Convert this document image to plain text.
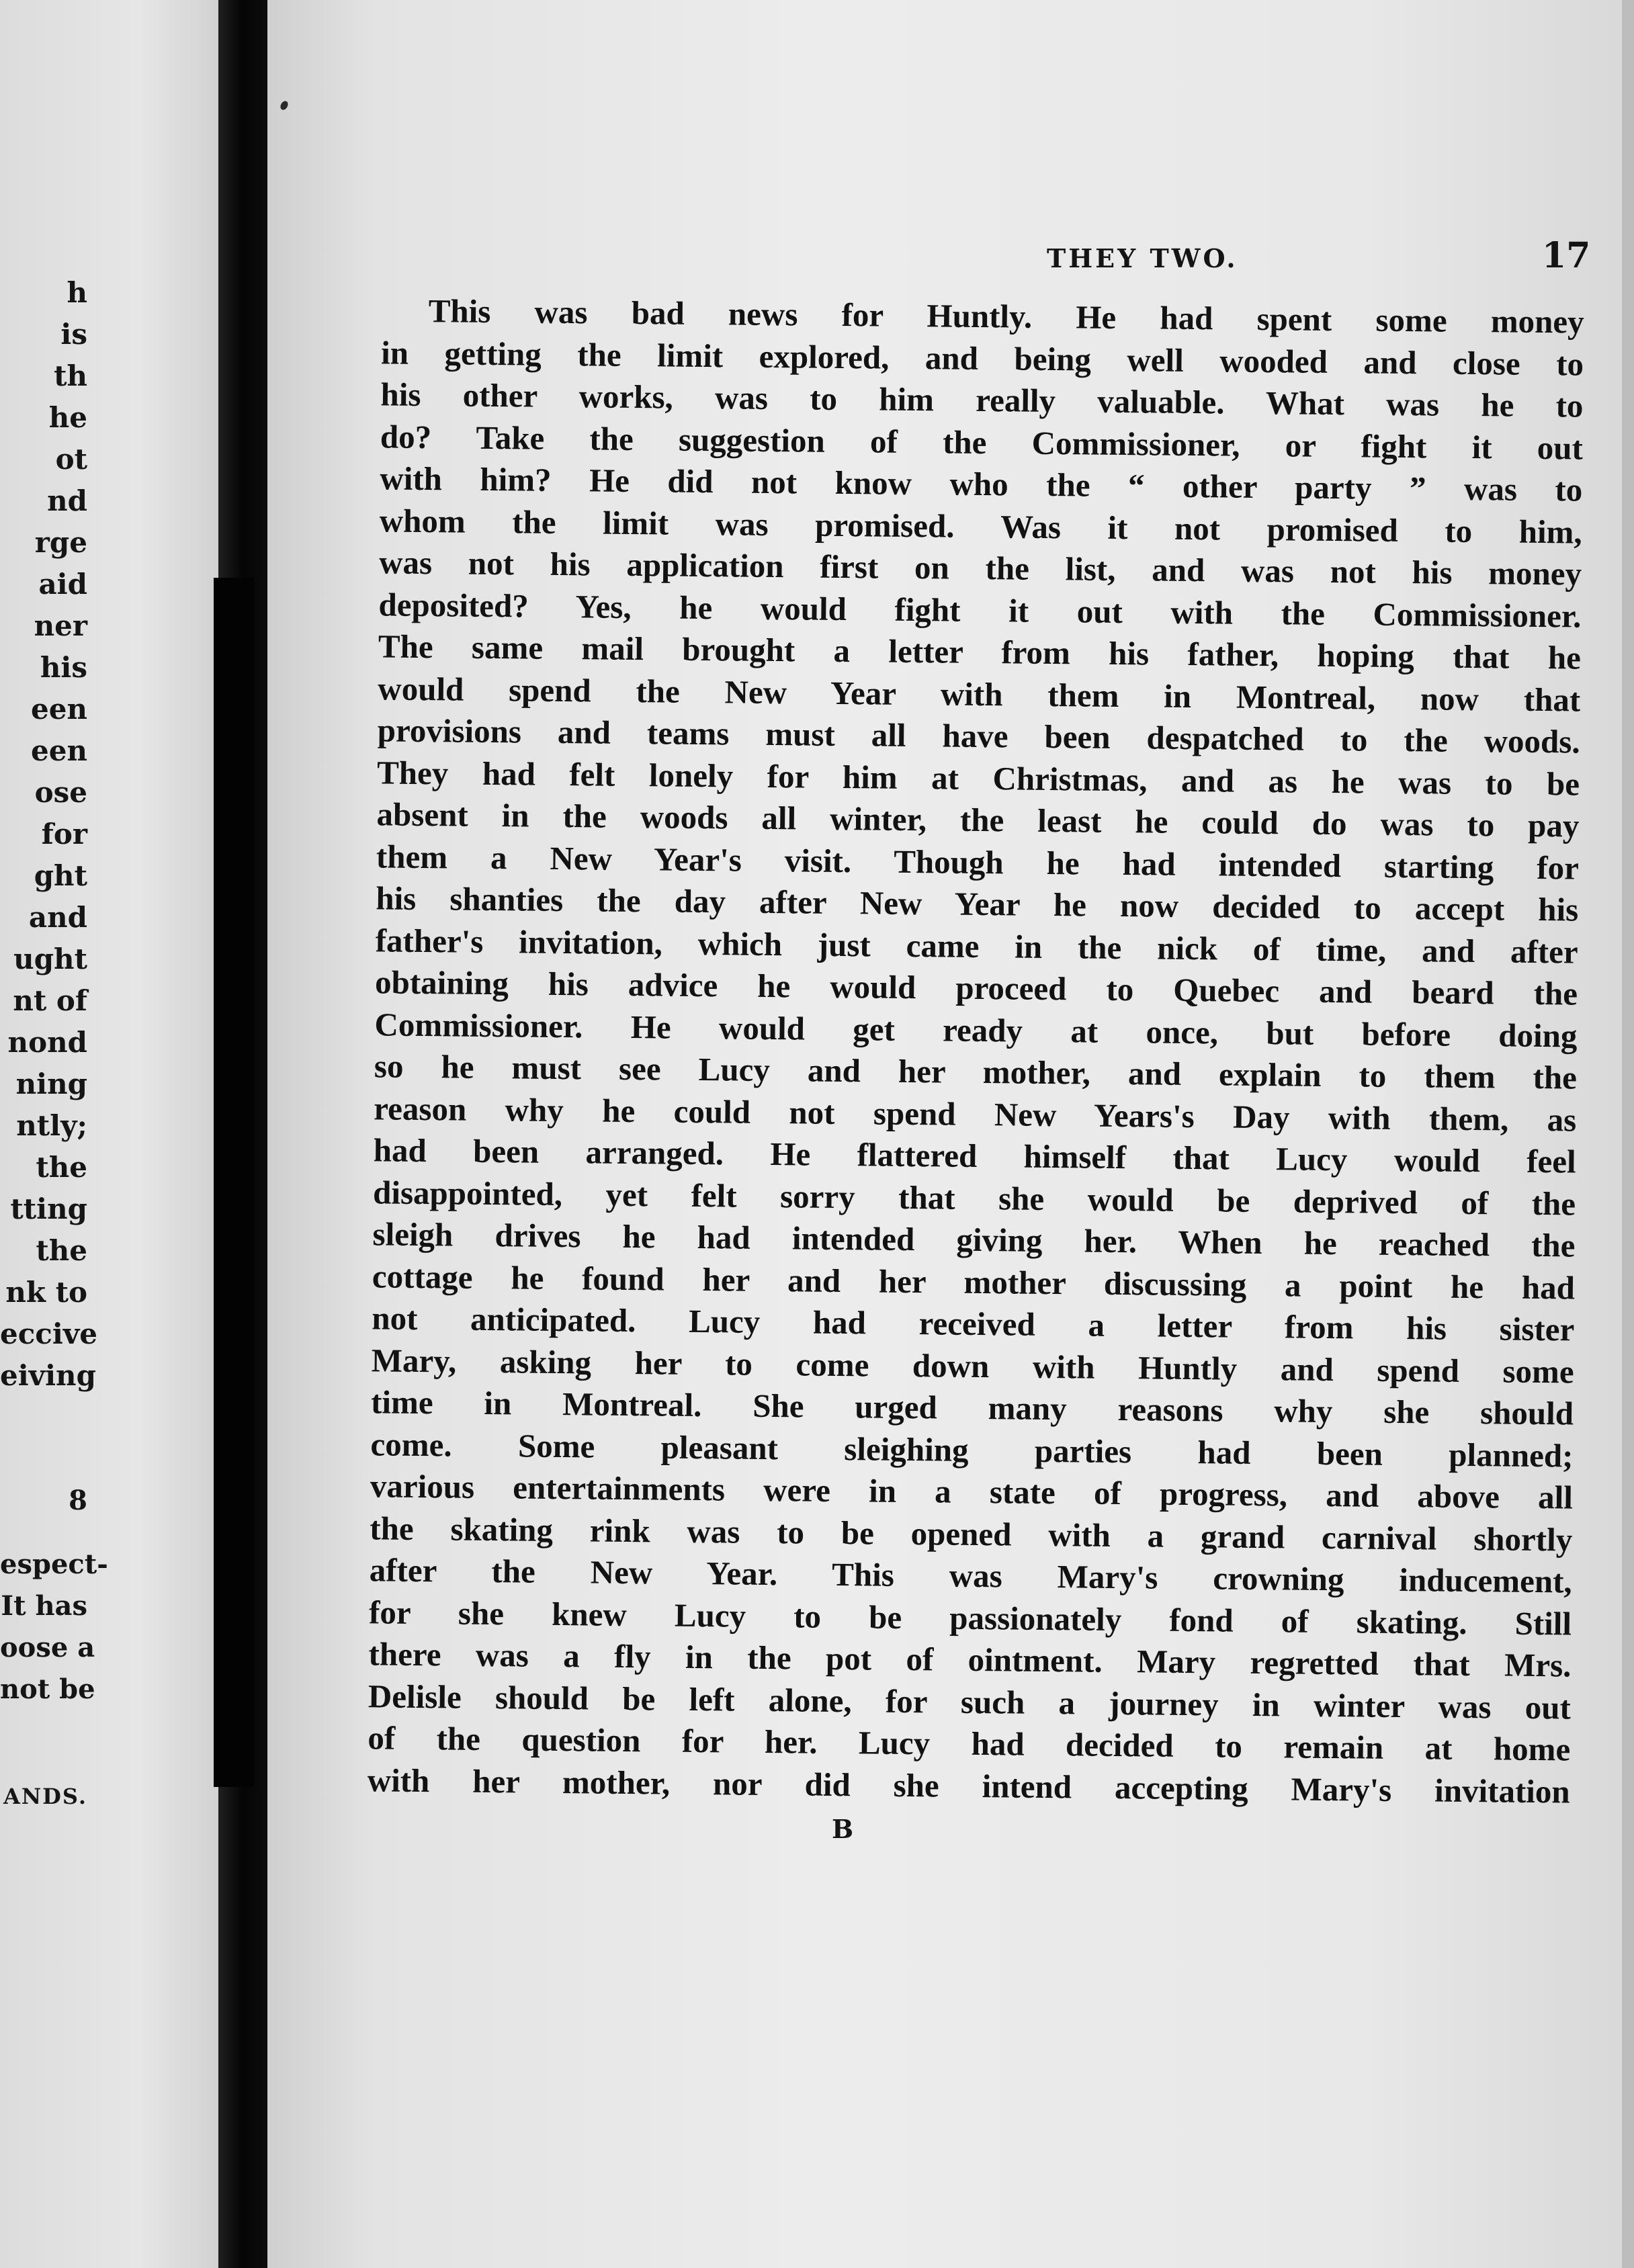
h
is
th
he
ot
nd
rge
aid
ner
his
een
een
ose
for
ght
and
ught
nt of
nond
ning
ntly;
the
tting
the
nk to
eccive
eiving
8
espect-
It has
oose a
not be
ANDS.
THEY TWO.	17
This was bad news for Huntly. He had spent some money
in getting the limit explored, and being well wooded and close to
his other works, was to him really valuable. What was he to
do? Take the suggestion of the Commissioner, or fight it out
with him? He did not know who the “ other party ” was to
whom the limit was promised. Was it not promised to him,
was not his application first on the list, and was not his money
deposited? Yes, he would fight it out with the Commissioner.
The same mail brought a letter from his father, hoping that he
would spend the New Year with them in Montreal, now that
provisions and teams must all have been despatched to the woods.
They had felt lonely for him at Christmas, and as he was to be
absent in the woods all winter, the least he could do was to pay
them a New Year's visit. Though he had intended starting for
his shanties the day after New Year he now decided to accept his
father's invitation, which just came in the nick of time, and after
obtaining his advice he would proceed to Quebec and beard the
Commissioner. He would get ready at once, but before doing
so he must see Lucy and her mother, and explain to them the
reason why he could not spend New Years's Day with them, as
had been arranged. He flattered himself that Lucy would feel
disappointed, yet felt sorry that she would be deprived of the
sleigh drives he had intended giving her. When he reached the
cottage he found her and her mother discussing a point he had
not anticipated. Lucy had received a letter from his sister
Mary, asking her to come down with Huntly and spend some
time in Montreal. She urged many reasons why she should
come. Some pleasant sleighing parties had been planned;
various entertainments were in a state of progress, and above all
the skating rink was to be opened with a grand carnival shortly
after the New Year. This was Mary's crowning inducement,
for she knew Lucy to be passionately fond of skating. Still
there was a fly in the pot of ointment. Mary regretted that Mrs.
Delisle should be left alone, for such a journey in winter was out
of the question for her. Lucy had decided to remain at home
with her mother, nor did she intend accepting Mary's invitation
B
